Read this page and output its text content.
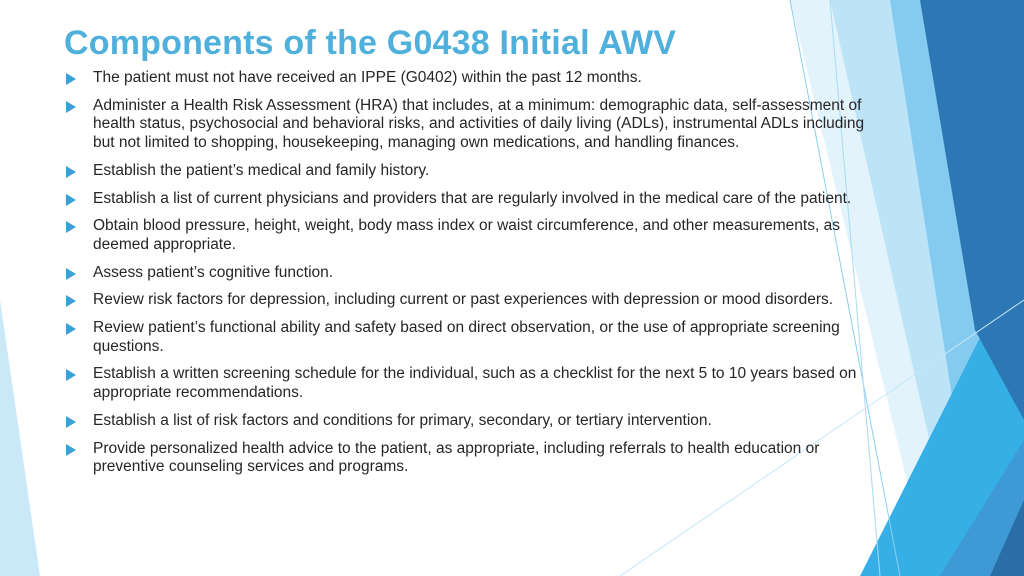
Components of the G0438 Initial AWV
The patient must not have received an IPPE (G0402) within the past 12 months.
Administer a Health Risk Assessment (HRA) that includes, at a minimum: demographic data, self-assessment of health status, psychosocial and behavioral risks, and activities of daily living (ADLs), instrumental ADLs including but not limited to shopping, housekeeping, managing own medications, and handling finances.
Establish the patient’s medical and family history.
Establish a list of current physicians and providers that are regularly involved in the medical care of the patient.
Obtain blood pressure, height, weight, body mass index or waist circumference, and other measurements, as deemed appropriate.
Assess patient’s cognitive function.
Review risk factors for depression, including current or past experiences with depression or mood disorders.
Review patient’s functional ability and safety based on direct observation, or the use of appropriate screening questions.
Establish a written screening schedule for the individual, such as a checklist for the next 5 to 10 years based on appropriate recommendations.
Establish a list of risk factors and conditions for primary, secondary, or tertiary intervention.
Provide personalized health advice to the patient, as appropriate, including referrals to health education or preventive counseling services and programs.
